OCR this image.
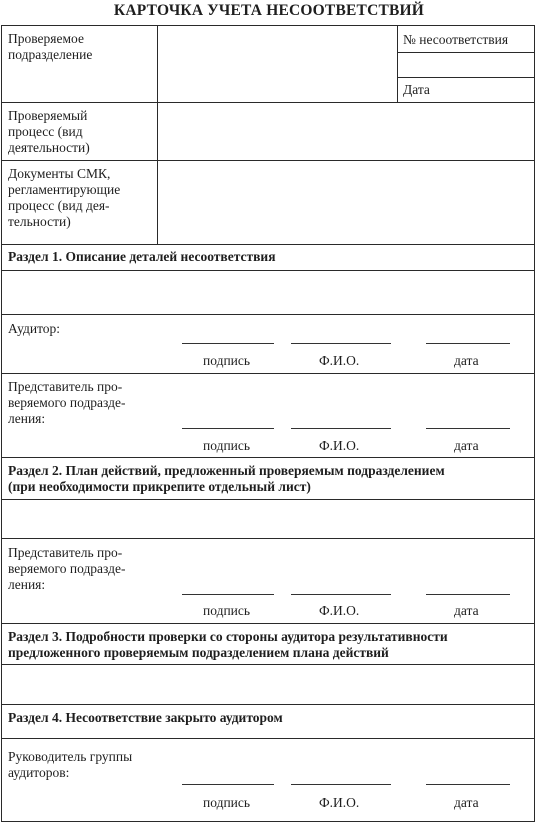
КАРТОЧКА УЧЕТА НЕСООТВЕТСТВИЙ
Проверяемое
подразделение
№ несоответствия
Дата
Проверяемый
процесс (вид
деятельности)
Документы СМК,
регламентирующие
процесс (вид дея-
тельности)
Раздел 1. Описание деталей несоответствия
Аудитор:
подпись	Ф.И.О.	дата
Представитель про-
веряемого подразде-
ления:
подпись	Ф.И.О.	дата
Раздел 2. План действий, предложенный проверяемым подразделением
(при необходимости прикрепите отдельный лист)
Представитель про-
веряемого подразде-
ления:
подпись	Ф.И.О.	дата
Раздел 3. Подробности проверки со стороны аудитора результативности
предложенного проверяемым подразделением плана действий
Раздел 4. Несоответствие закрыто аудитором
Руководитель группы
аудиторов:
подпись	Ф.И.О.	дата
